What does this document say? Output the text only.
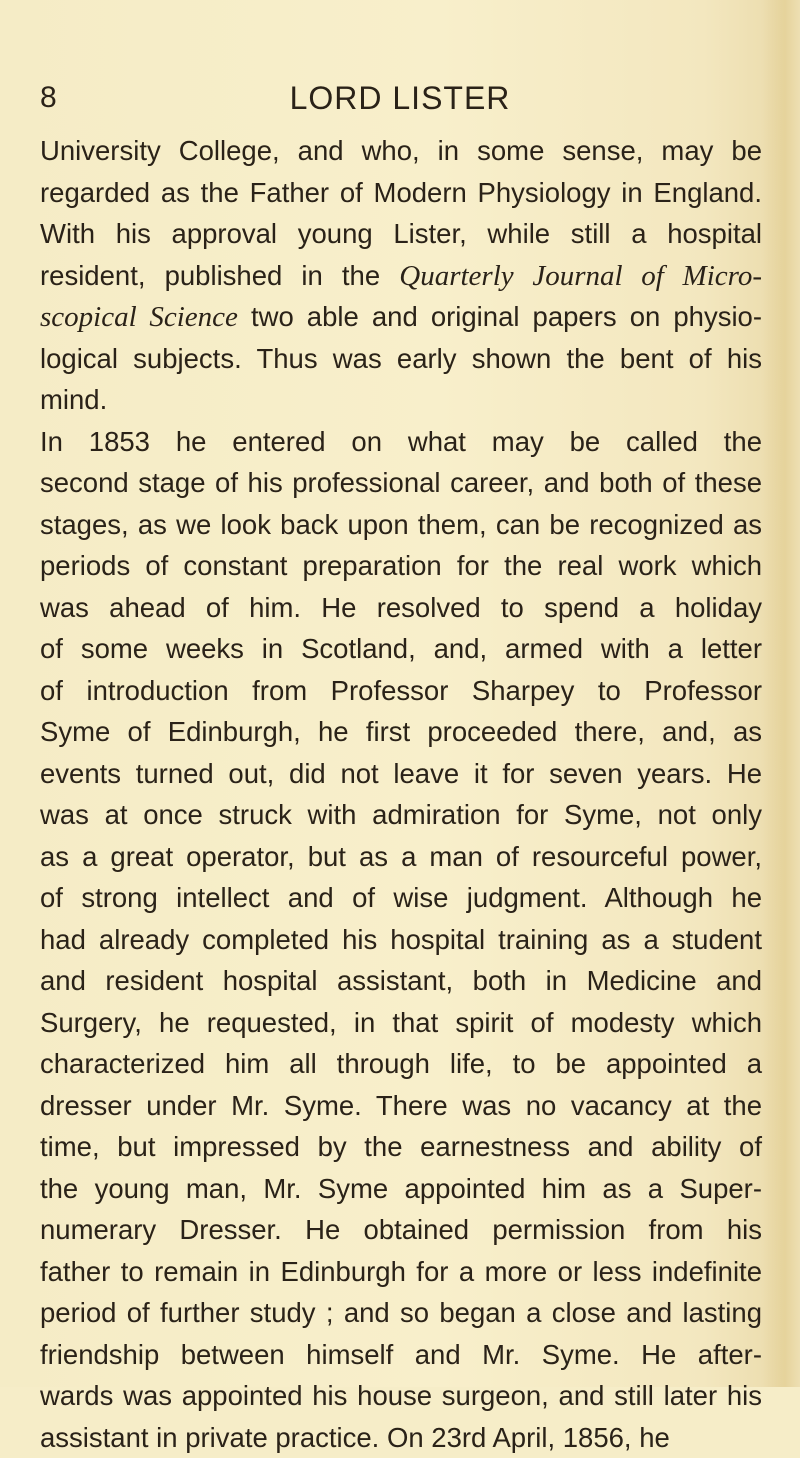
8	LORD LISTER
University College, and who, in some sense, may be
regarded as the Father of Modern Physiology in England.
With his approval young Lister, while still a hospital
resident, published in the Quarterly Journal of Micro-
scopical Science two able and original papers on physio-
logical subjects. Thus was early shown the bent of his
mind.
In 1853 he entered on what may be called the
second stage of his professional career, and both of these
stages, as we look back upon them, can be recognized as
periods of constant preparation for the real work which
was ahead of him. He resolved to spend a holiday
of some weeks in Scotland, and, armed with a letter
of introduction from Professor Sharpey to Professor
Syme of Edinburgh, he first proceeded there, and, as
events turned out, did not leave it for seven years. He
was at once struck with admiration for Syme, not only
as a great operator, but as a man of resourceful power,
of strong intellect and of wise judgment. Although he
had already completed his hospital training as a student
and resident hospital assistant, both in Medicine and
Surgery, he requested, in that spirit of modesty which
characterized him all through life, to be appointed a
dresser under Mr. Syme. There was no vacancy at the
time, but impressed by the earnestness and ability of
the young man, Mr. Syme appointed him as a Super-
numerary Dresser. He obtained permission from his
father to remain in Edinburgh for a more or less indefinite
period of further study ; and so began a close and lasting
friendship between himself and Mr. Syme. He after-
wards was appointed his house surgeon, and still later his
assistant in private practice. On 23rd April, 1856, he
